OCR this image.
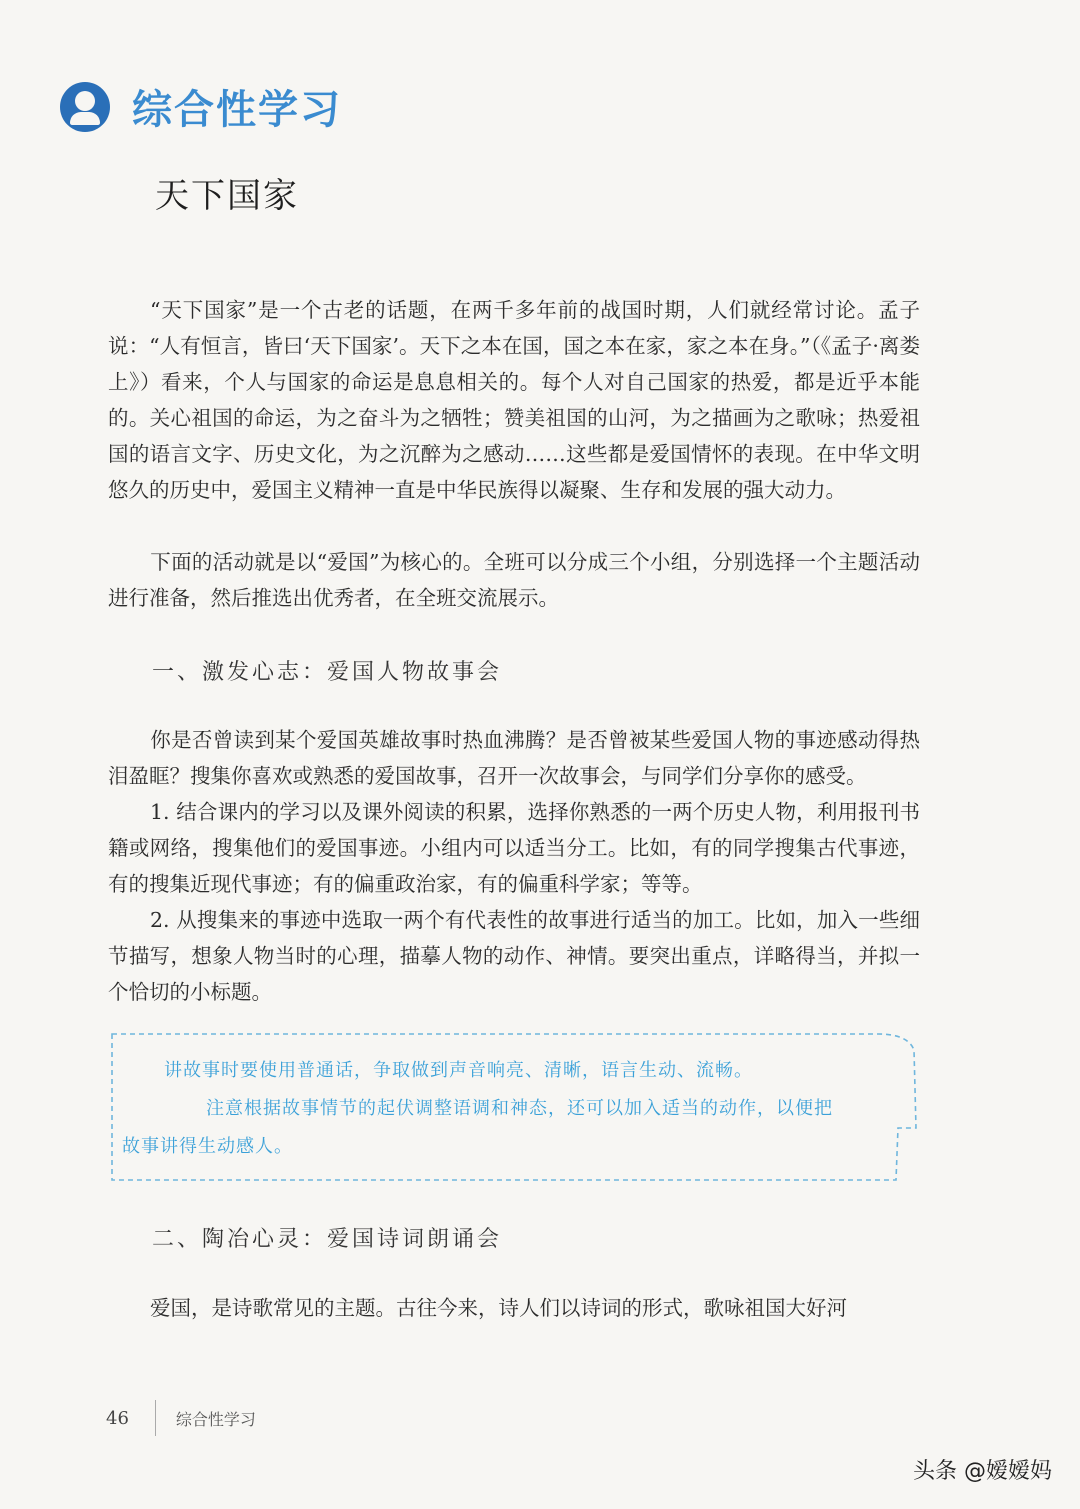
综合性学习
天下国家

“天下国家”是一个古老的话题，在两千多年前的战国时期，人们就经常讨论。孟子说：“人有恒言，皆曰‘天下国家’。天下之本在国，国之本在家，家之本在身。”（《孟子·离娄上》）看来，个人与国家的命运是息息相关的。每个人对自己国家的热爱，都是近乎本能的。关心祖国的命运，为之奋斗为之牺牲；赞美祖国的山河，为之描画为之歌咏；热爱祖国的语言文字、历史文化，为之沉醉为之感动……这些都是爱国情怀的表现。在中华文明悠久的历史中，爱国主义精神一直是中华民族得以凝聚、生存和发展的强大动力。

下面的活动就是以“爱国”为核心的。全班可以分成三个小组，分别选择一个主题活动进行准备，然后推选出优秀者，在全班交流展示。

一、激发心志：爱国人物故事会

你是否曾读到某个爱国英雄故事时热血沸腾？是否曾被某些爱国人物的事迹感动得热泪盈眶？搜集你喜欢或熟悉的爱国故事，召开一次故事会，与同学们分享你的感受。

1. 结合课内的学习以及课外阅读的积累，选择你熟悉的一两个历史人物，利用报刊书籍或网络，搜集他们的爱国事迹。小组内可以适当分工。比如，有的同学搜集古代事迹，有的搜集近现代事迹；有的偏重政治家，有的偏重科学家；等等。

2. 从搜集来的事迹中选取一两个有代表性的故事进行适当的加工。比如，加入一些细节描写，想象人物当时的心理，描摹人物的动作、神情。要突出重点，详略得当，并拟一个恰切的小标题。

讲故事时要使用普通话，争取做到声音响亮、清晰，语言生动、流畅。
注意根据故事情节的起伏调整语调和神态，还可以加入适当的动作，以便把
故事讲得生动感人。
二、陶冶心灵：爱国诗词朗诵会

爱国，是诗歌常见的主题。古往今来，诗人们以诗词的形式，歌咏祖国大好河

46	综合性学习
头条 @嫒嫒妈
